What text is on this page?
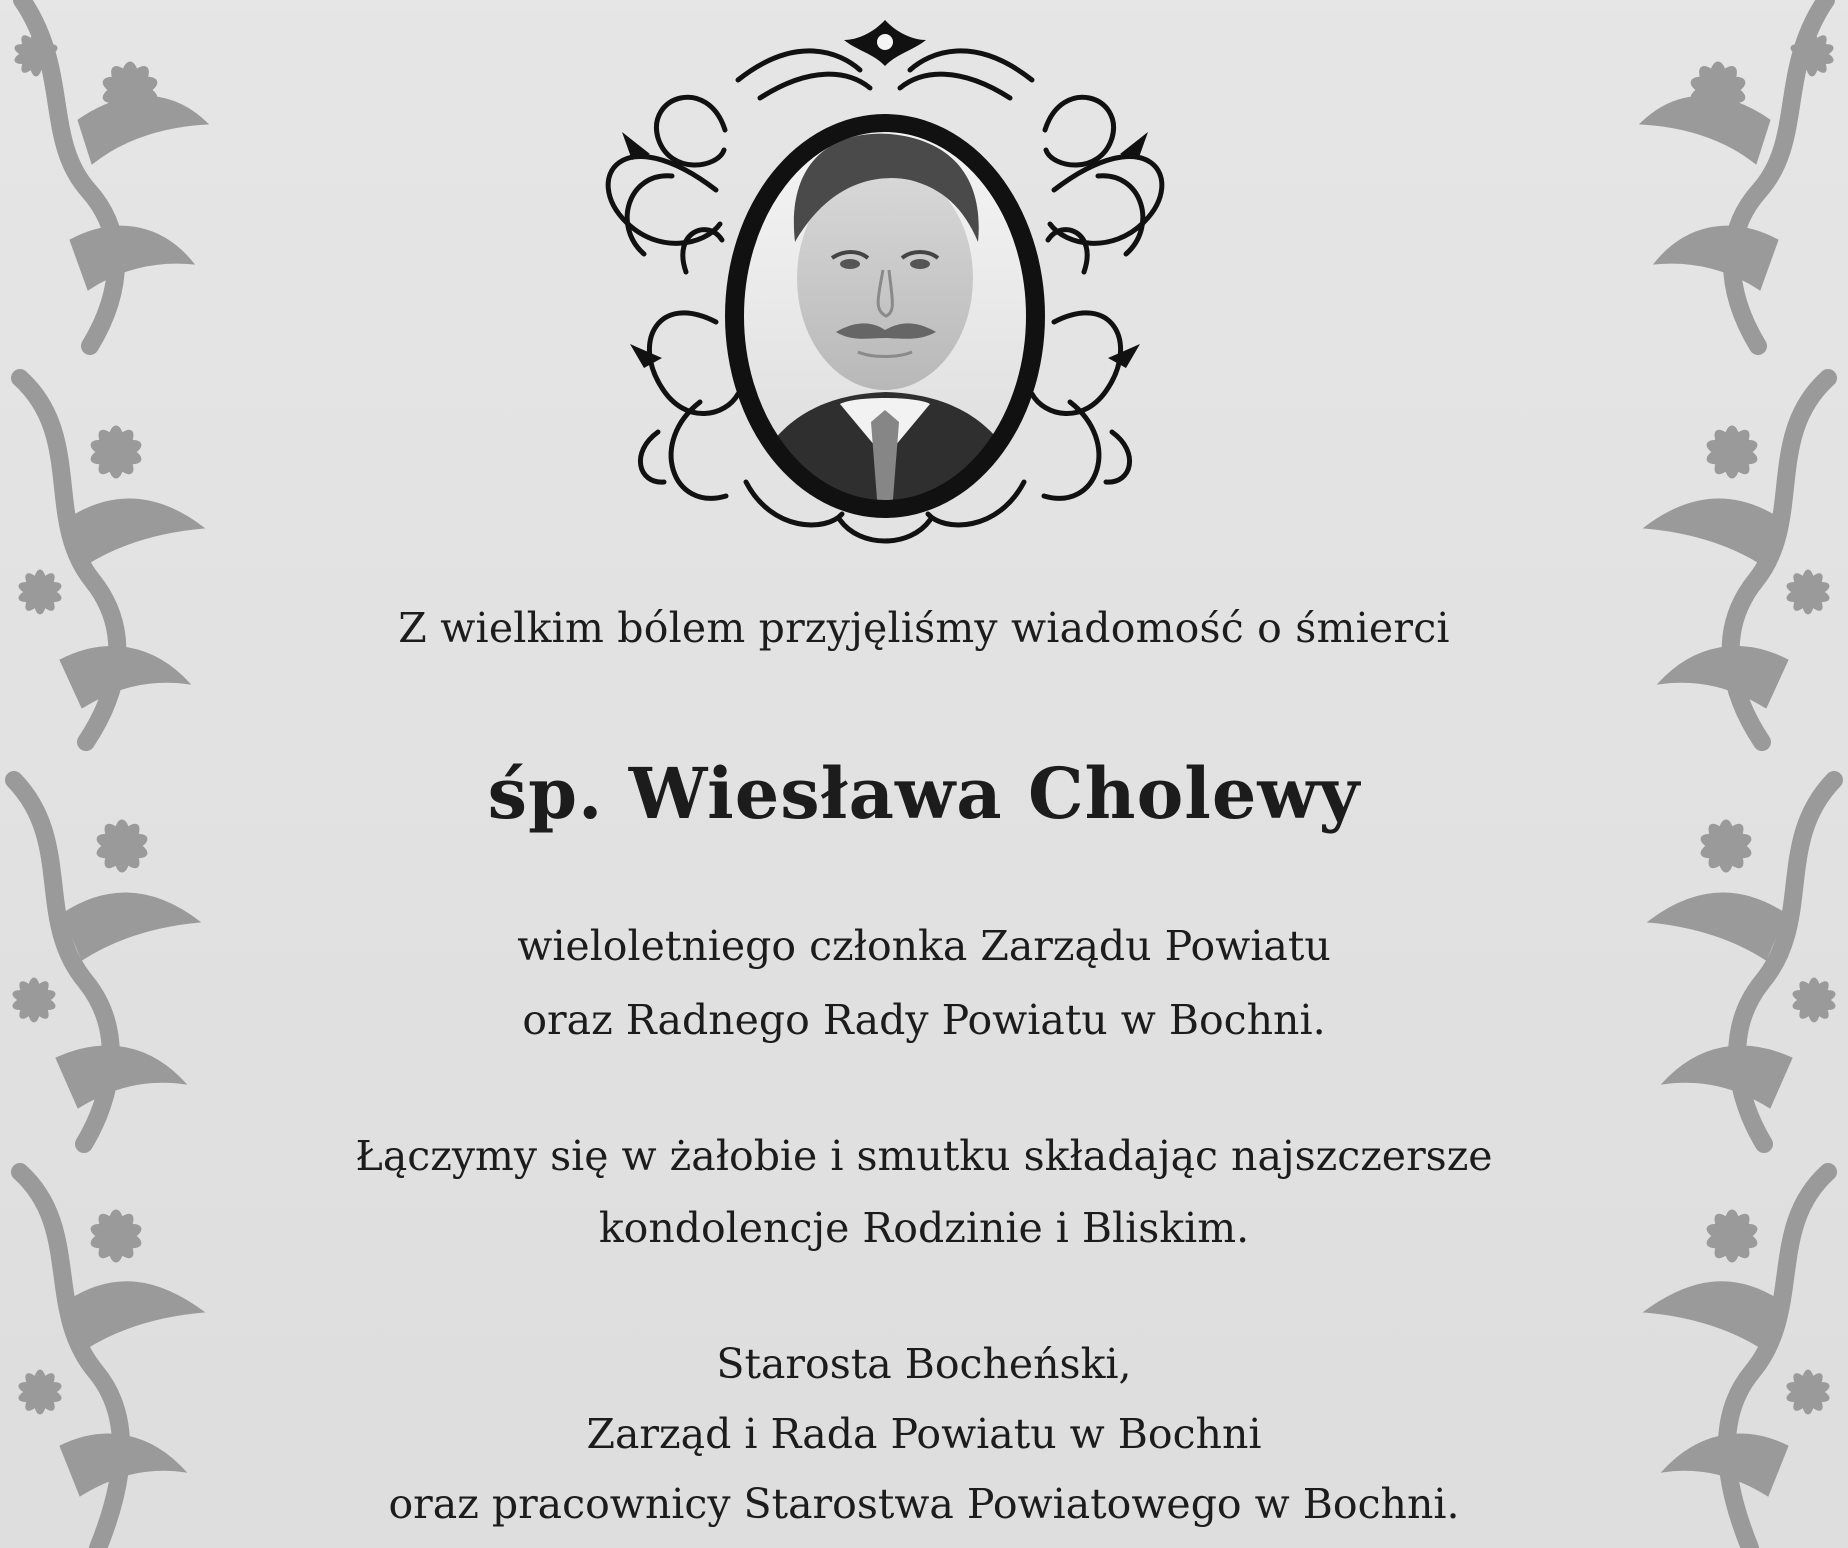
Z wielkim bólem przyjęliśmy wiadomość o śmierci
śp. Wiesława Cholewy
wieloletniego członka Zarządu Powiatu
oraz Radnego Rady Powiatu w Bochni.
Łączymy się w żałobie i smutku składając najszczersze
kondolencje Rodzinie i Bliskim.
Starosta Bocheński,
Zarząd i Rada Powiatu w Bochni
oraz pracownicy Starostwa Powiatowego w Bochni.
